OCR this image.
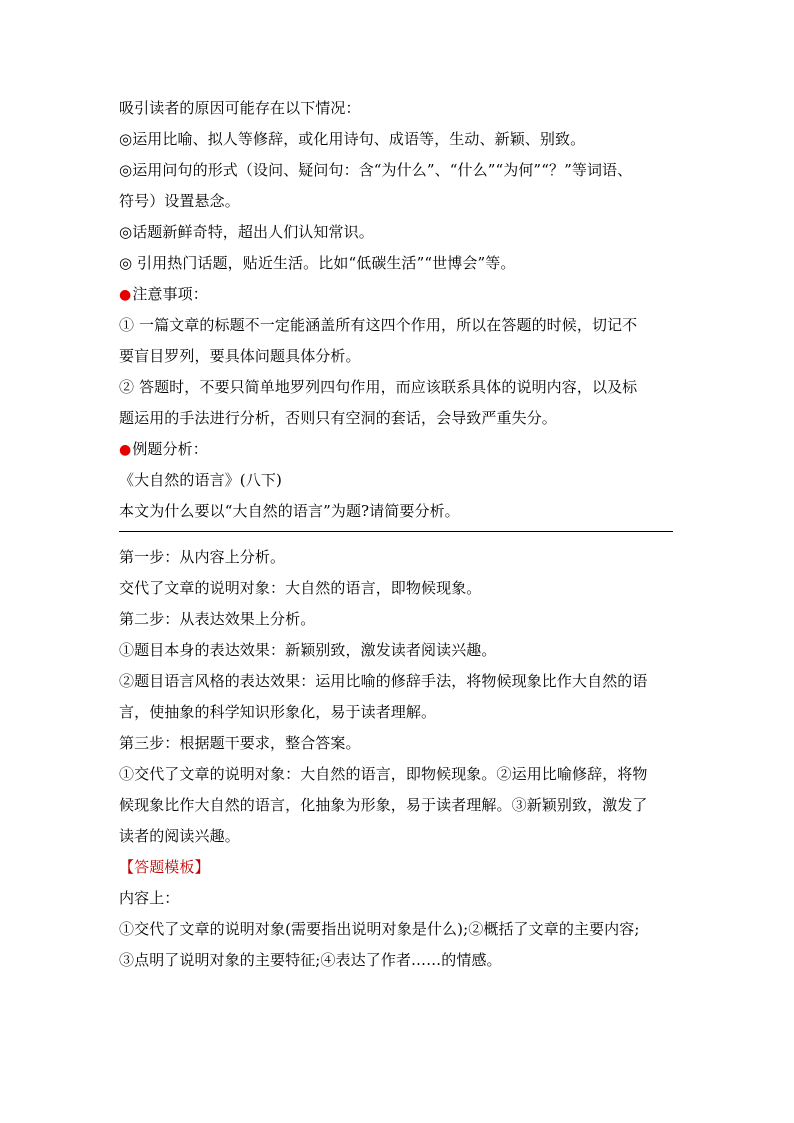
吸引读者的原因可能存在以下情况：
◎运用比喻、拟人等修辞，或化用诗句、成语等，生动、新颖、别致。
◎运用问句的形式（设问、疑问句：含“为什么”、“什么”“为何”“？”等词语、
符号）设置悬念。
◎话题新鲜奇特，超出人们认知常识。
◎ 引用热门话题，贴近生活。比如“低碳生活”“世博会”等。
●注意事项：
① 一篇文章的标题不一定能涵盖所有这四个作用，所以在答题的时候，切记不
要盲目罗列，要具体问题具体分析。
② 答题时，不要只简单地罗列四句作用，而应该联系具体的说明内容，以及标
题运用的手法进行分析，否则只有空洞的套话，会导致严重失分。
●例题分析：
《大自然的语言》(八下)
本文为什么要以“大自然的语言”为题?请简要分析。
第一步：从内容上分析。
交代了文章的说明对象：大自然的语言，即物候现象。
第二步：从表达效果上分析。
①题目本身的表达效果：新颖别致，激发读者阅读兴趣。
②题目语言风格的表达效果：运用比喻的修辞手法，将物候现象比作大自然的语
言，使抽象的科学知识形象化，易于读者理解。
第三步：根据题干要求，整合答案。
①交代了文章的说明对象：大自然的语言，即物候现象。②运用比喻修辞，将物
候现象比作大自然的语言，化抽象为形象，易于读者理解。③新颖别致，激发了
读者的阅读兴趣。
【答题模板】
内容上：
①交代了文章的说明对象(需要指出说明对象是什么);②概括了文章的主要内容;
③点明了说明对象的主要特征;④表达了作者……的情感。
